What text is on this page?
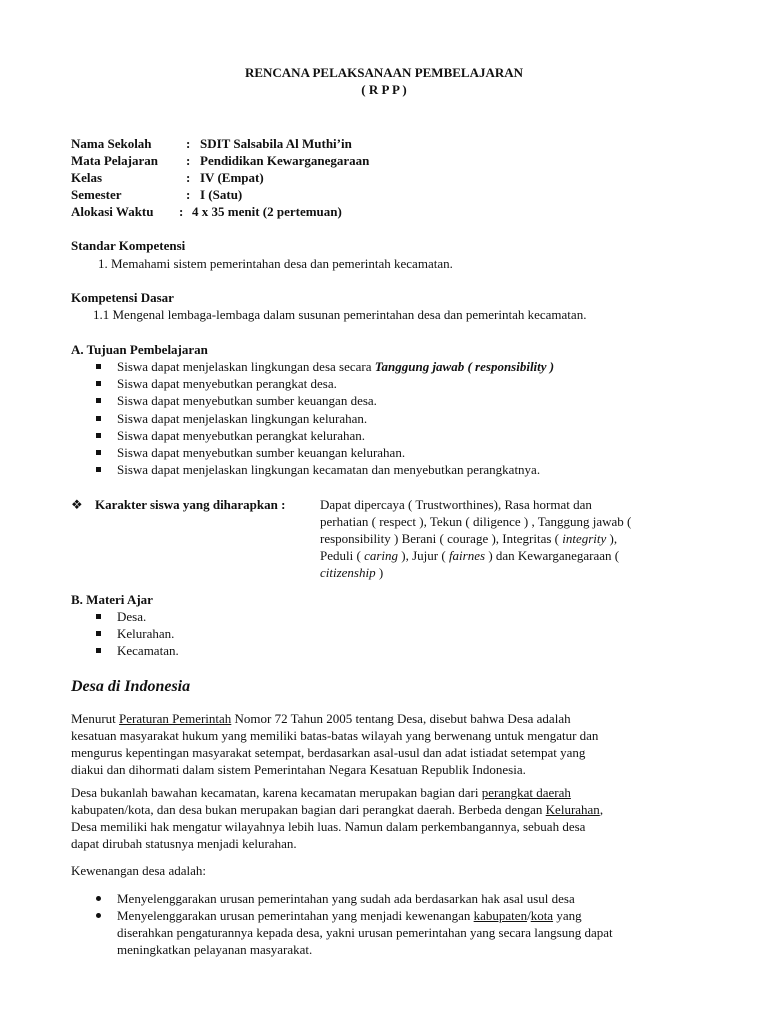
RENCANA PELAKSANAAN PEMBELAJARAN
( R P P )
Nama Sekolah	: SDIT Salsabila Al Muthi’in
Mata Pelajaran : Pendidikan Kewarganegaraan
Kelas	: IV (Empat)
Semester	: I (Satu)
Alokasi Waktu : 4 x 35 menit (2 pertemuan)
Standar Kompetensi
1. Memahami sistem pemerintahan desa dan pemerintah kecamatan.
Kompetensi Dasar
1.1 Mengenal lembaga-lembaga dalam susunan pemerintahan desa dan pemerintah kecamatan.
A. Tujuan Pembelajaran
Siswa dapat menjelaskan lingkungan desa secara Tanggung jawab ( responsibility )
Siswa dapat menyebutkan perangkat desa.
Siswa dapat menyebutkan sumber keuangan desa.
Siswa dapat menjelaskan lingkungan kelurahan.
Siswa dapat menyebutkan perangkat kelurahan.
Siswa dapat menyebutkan sumber keuangan kelurahan.
Siswa dapat menjelaskan lingkungan kecamatan dan menyebutkan perangkatnya.
❖ Karakter siswa yang diharapkan :	Dapat dipercaya ( Trustworthines), Rasa hormat dan
perhatian ( respect ), Tekun ( diligence ) , Tanggung jawab (
responsibility ) Berani ( courage ), Integritas ( integrity ),
Peduli ( caring ), Jujur ( fairnes ) dan Kewarganegaraan (
citizenship )
B. Materi Ajar
Desa.
Kelurahan.
Kecamatan.
Desa di Indonesia
Menurut Peraturan Pemerintah Nomor 72 Tahun 2005 tentang Desa, disebut bahwa Desa adalah
kesatuan masyarakat hukum yang memiliki batas-batas wilayah yang berwenang untuk mengatur dan
mengurus kepentingan masyarakat setempat, berdasarkan asal-usul dan adat istiadat setempat yang
diakui dan dihormati dalam sistem Pemerintahan Negara Kesatuan Republik Indonesia.
Desa bukanlah bawahan kecamatan, karena kecamatan merupakan bagian dari perangkat daerah
kabupaten/kota, dan desa bukan merupakan bagian dari perangkat daerah. Berbeda dengan Kelurahan,
Desa memiliki hak mengatur wilayahnya lebih luas. Namun dalam perkembangannya, sebuah desa
dapat dirubah statusnya menjadi kelurahan.
Kewenangan desa adalah:
Menyelenggarakan urusan pemerintahan yang sudah ada berdasarkan hak asal usul desa
Menyelenggarakan urusan pemerintahan yang menjadi kewenangan kabupaten/kota yang
diserahkan pengaturannya kepada desa, yakni urusan pemerintahan yang secara langsung dapat
meningkatkan pelayanan masyarakat.
